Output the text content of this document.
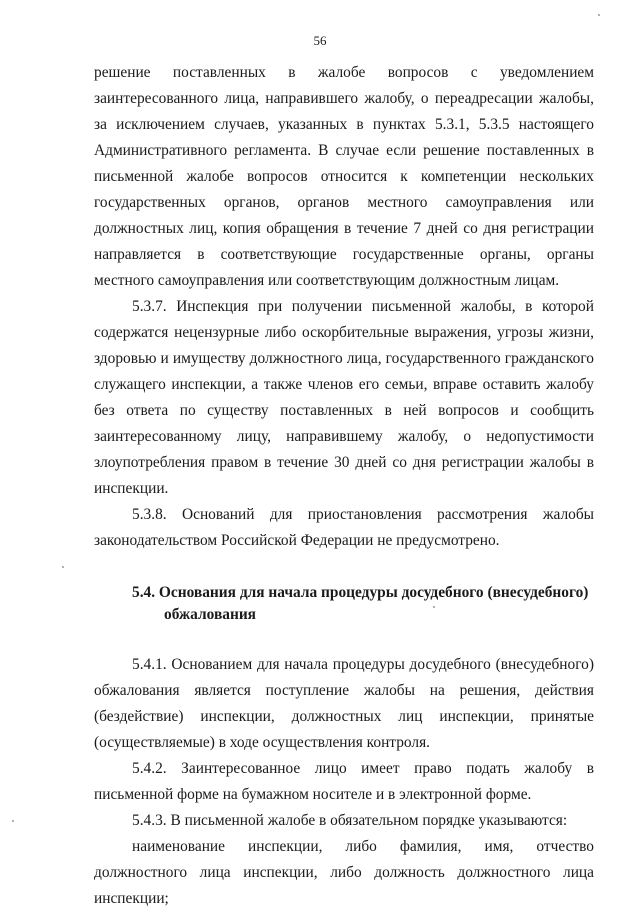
56

решение поставленных в жалобе вопросов с уведомлением заинтересованного лица, направившего жалобу, о переадресации жалобы, за исключением случаев, указанных в пунктах 5.3.1, 5.3.5 настоящего Административного регламента. В случае если решение поставленных в письменной жалобе вопросов относится к компетенции нескольких государственных органов, органов местного самоуправления или должностных лиц, копия обращения в течение 7 дней со дня регистрации направляется в соответствующие государственные органы, органы местного самоуправления или соответствующим должностным лицам.

5.3.7. Инспекция при получении письменной жалобы, в которой содержатся нецензурные либо оскорбительные выражения, угрозы жизни, здоровью и имуществу должностного лица, государственного гражданского служащего инспекции, а также членов его семьи, вправе оставить жалобу без ответа по существу поставленных в ней вопросов и сообщить заинтересованному лицу, направившему жалобу, о недопустимости злоупотребления правом в течение 30 дней со дня регистрации жалобы в инспекции.

5.3.8. Оснований для приостановления рассмотрения жалобы законодательством Российской Федерации не предусмотрено.

5.4. Основания для начала процедуры досудебного (внесудебного) обжалования

5.4.1. Основанием для начала процедуры досудебного (внесудебного) обжалования является поступление жалобы на решения, действия (бездействие) инспекции, должностных лиц инспекции, принятые (осуществляемые) в ходе осуществления контроля.

5.4.2. Заинтересованное лицо имеет право подать жалобу в письменной форме на бумажном носителе и в электронной форме.

5.4.3. В письменной жалобе в обязательном порядке указываются:

наименование инспекции, либо фамилия, имя, отчество должностного лица инспекции, либо должность должностного лица инспекции;
